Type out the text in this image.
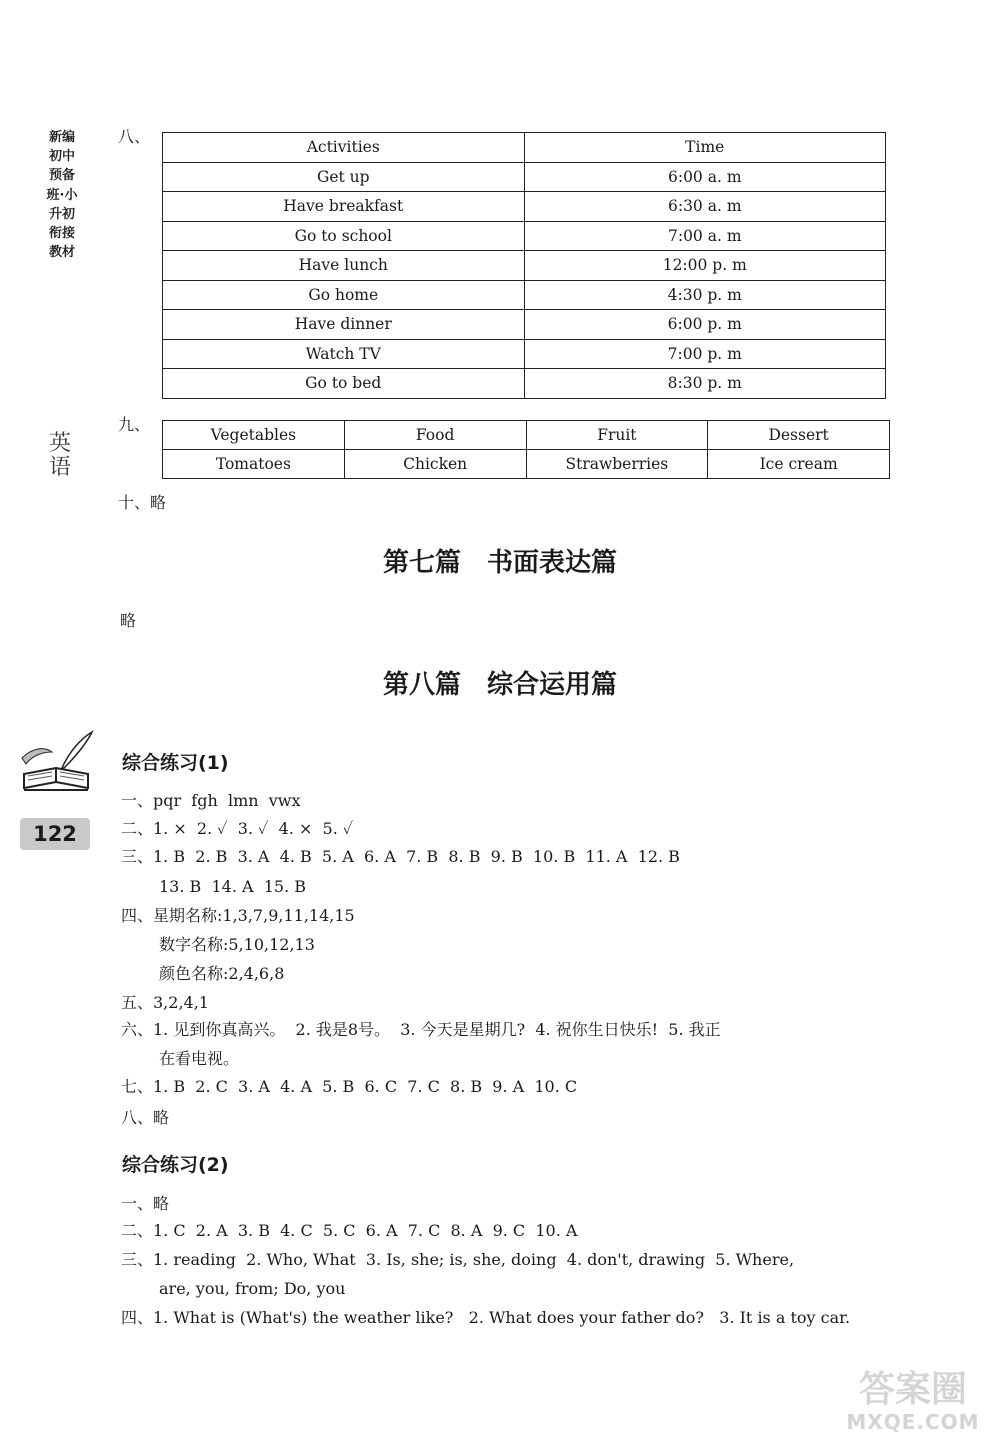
新编初中预备班·小升初衔接教材
英语
122
八、
Activities	Time
Get up	6:00 a. m
Have breakfast	6:30 a. m
Go to school	7:00 a. m
Have lunch	12:00 p. m
Go home	4:30 p. m
Have dinner	6:00 p. m
Watch TV	7:00 p. m
Go to bed	8:30 p. m
九、
Vegetables	Food	Fruit	Dessert
Tomatoes	Chicken	Strawberries	Ice cream
十、略
第七篇　书面表达篇
略
第八篇　综合运用篇
综合练习(1)
一、pqr  fgh  lmn  vwx
二、1. ×  2. ✓  3. ✓  4. ×  5. ✓
三、1. B  2. B  3. A  4. B  5. A  6. A  7. B  8. B  9. B  10. B  11. A  12. B
13. B  14. A  15. B
四、星期名称:1,3,7,9,11,14,15
数字名称:5,10,12,13
颜色名称:2,4,6,8
五、3,2,4,1
六、1. 见到你真高兴。  2. 我是8号。  3. 今天是星期几?  4. 祝你生日快乐!  5. 我正
在看电视。
七、1. B  2. C  3. A  4. A  5. B  6. C  7. C  8. B  9. A  10. C
八、略
综合练习(2)
一、略
二、1. C  2. A  3. B  4. C  5. C  6. A  7. C  8. A  9. C  10. A
三、1. reading  2. Who, What  3. Is, she; is, she, doing  4. don't, drawing  5. Where,
are, you, from; Do, you
四、1. What is (What's) the weather like?   2. What does your father do?   3. It is a toy car.
答案圈
MXQE.COM
